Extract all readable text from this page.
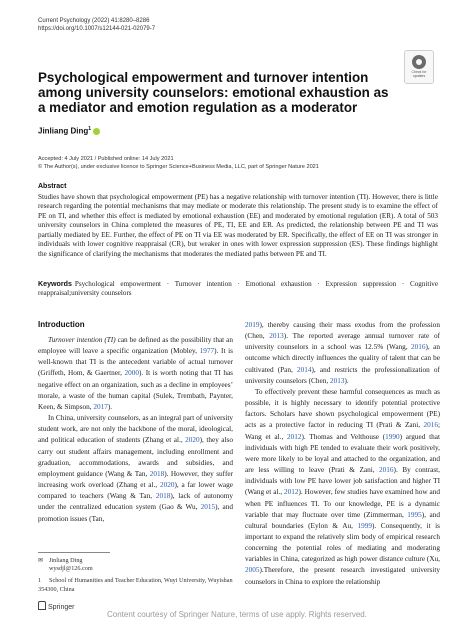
Current Psychology (2022) 41:8280–8286
https://doi.org/10.1007/s12144-021-02079-7
Check for updates
Psychological empowerment and turnover intention among university counselors: emotional exhaustion as a mediator and emotion regulation as a moderator
Jinliang Ding$^1$
Accepted: 4 July 2021 / Published online: 14 July 2021
© The Author(s), under exclusive licence to Springer Science+Business Media, LLC, part of Springer Nature 2021
Abstract
Studies have shown that psychological empowerment (PE) has a negative relationship with turnover intention (TI). However, there is little research regarding the potential mechanisms that may mediate or moderate this relationship. The present study is to examine the effect of PE on TI, and whether this effect is mediated by emotional exhaustion (EE) and moderated by emotional regulation (ER). A total of 503 university counselors in China completed the measures of PE, TI, EE and ER. As predicted, the relationship between PE and TI was partially mediated by EE. Further, the effect of PE on TI via EE was moderated by ER. Specifically, the effect of EE on TI was stronger in individuals with lower cognitive reappraisal (CR), but weaker in ones with lower expression suppression (ES). These findings highlight the significance of clarifying the mechanisms that moderates the mediated paths between PE and TI.
Keywords Psychological empowerment · Turnover intention · Emotional exhaustion · Expression suppression · Cognitive reappraisal;university counselors
Introduction

Turnover intention (TI) can be defined as the possibility that an employee will leave a specific organization (Mobley, 1977). It is well-known that TI is the antecedent variable of actual turnover (Griffeth, Hom, & Gaertner, 2000). It is worth noting that TI has negative effect on an organization, such as a decline in employees’ morale, a waste of the human capital (Sulek, Trembath, Paynter, Keen, & Simpson, 2017).

In China, university counselors, as an integral part of university student work, are not only the backbone of the moral, ideological, and political education of students (Zhang et al., 2020), they also carry out student affairs management, including enrollment and graduation, accommodations, awards and subsidies, and employment guidance (Wang & Tan, 2018). However, they suffer increasing work overload (Zhang et al., 2020), a far lower wage compared to teachers (Wang & Tan, 2018), lack of autonomy under the centralized education system (Gao & Wu, 2015), and promotion issues (Tan,

2019), thereby causing their mass exodus from the profession (Chen, 2013). The reported average annual turnover rate of university counselors in a school was 12.5% (Wang, 2016), an outcome which directly influences the quality of talent that can be cultivated (Pan, 2014), and restricts the professionalization of university counselors (Chen, 2013).

To effectively prevent these harmful consequences as much as possible, it is highly necessary to identify potential protective factors. Scholars have shown psychological empowerment (PE) acts as a protective factor in reducing TI (Prati & Zani, 2016; Wang et al., 2012). Thomas and Velthouse (1990) argued that individuals with high PE tended to evaluate their work positively, were more likely to be loyal and attached to the organization, and are less willing to leave (Prati & Zani, 2016). By contrast, individuals with low PE have lower job satisfaction and higher TI (Wang et al., 2012). However, few studies have examined how and when PE influences TI. To our knowledge, PE is a dynamic variable that may fluctuate over time (Zimmerman, 1995), and cultural boundaries (Eylon & Au, 1999). Consequently, it is important to expand the relatively slim body of empirical research concerning the potential roles of mediating and moderating variables in China, categorized as high power distance culture (Xu, 2005).Therefore, the present research investigated university counselors in China to explore the relationship

✉ Jinliang Ding
wysdjl@126.com
1 School of Humanities and Teacher Education, Wuyi University, Wuyishan 354300, China
Springer
Content courtesy of Springer Nature, terms of use apply. Rights reserved.
